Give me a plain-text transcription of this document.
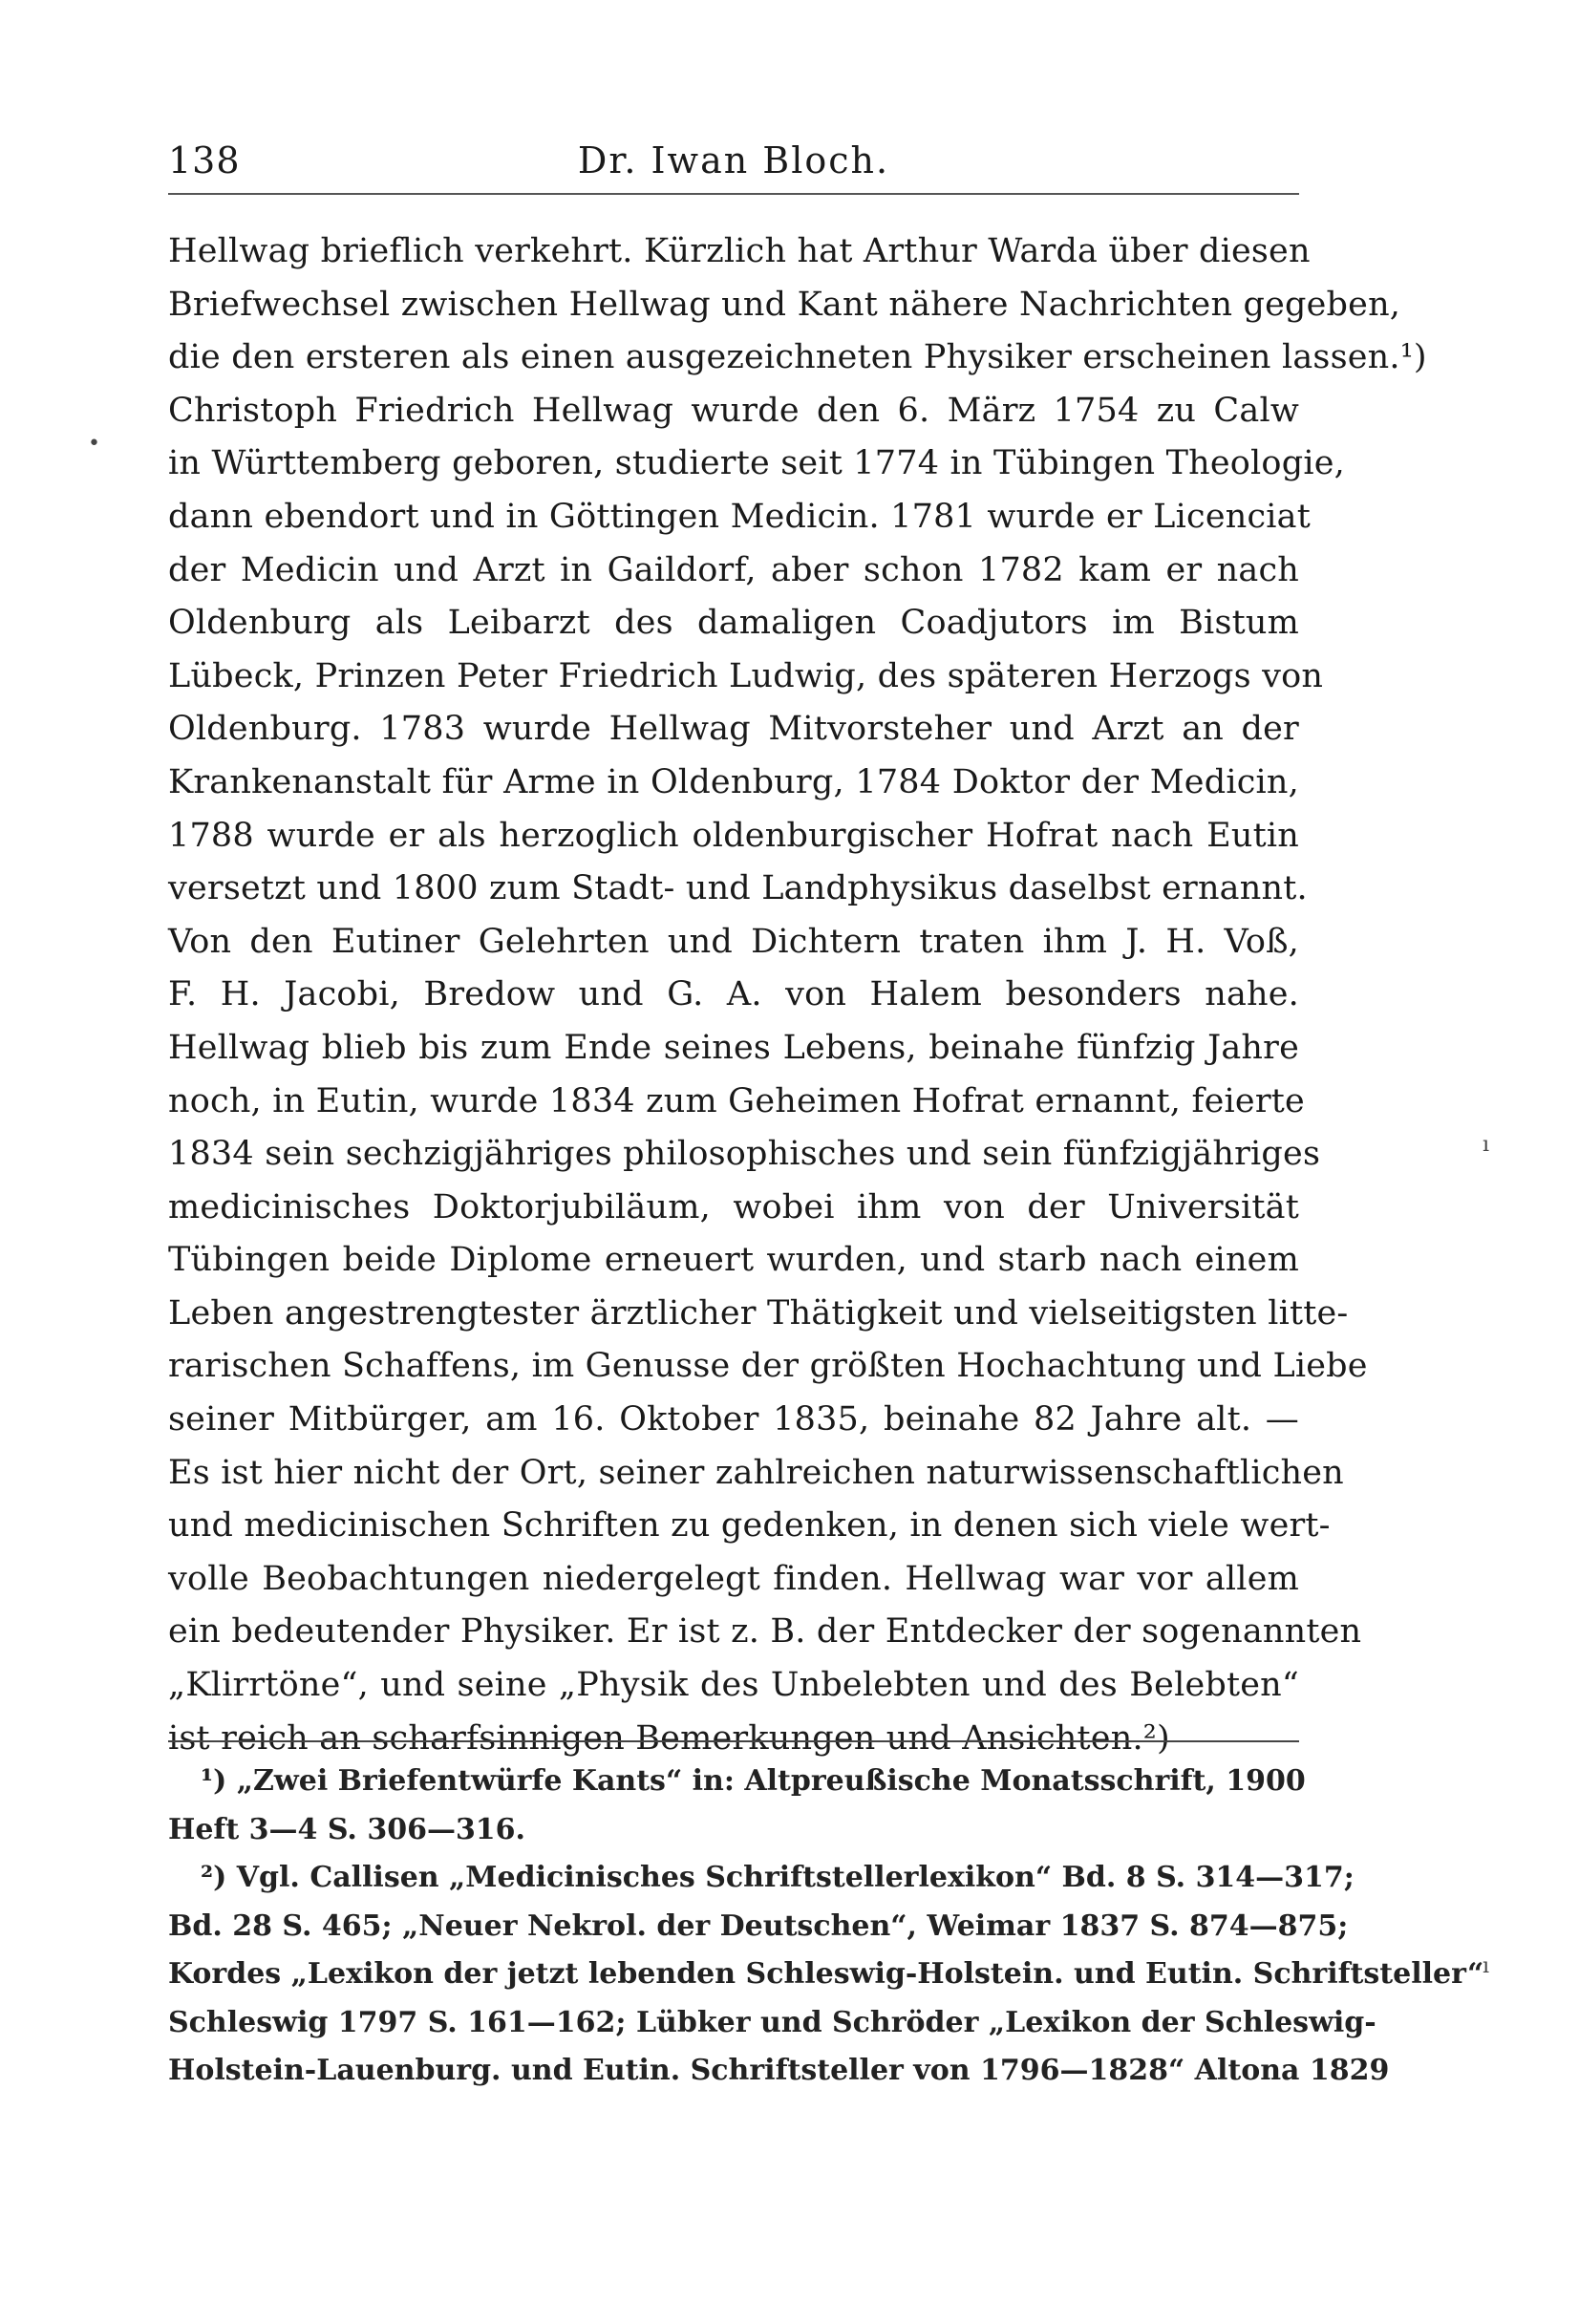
138	Dr. Iwan Bloch.
Hellwag brieflich verkehrt. Kürzlich hat Arthur Warda über diesen
Briefwechsel zwischen Hellwag und Kant nähere Nachrichten gegeben,
die den ersteren als einen ausgezeichneten Physiker erscheinen lassen.¹)
Christoph Friedrich Hellwag wurde den 6. März 1754 zu Calw
in Württemberg geboren, studierte seit 1774 in Tübingen Theologie,
dann ebendort und in Göttingen Medicin. 1781 wurde er Licenciat
der Medicin und Arzt in Gaildorf, aber schon 1782 kam er nach
Oldenburg als Leibarzt des damaligen Coadjutors im Bistum
Lübeck, Prinzen Peter Friedrich Ludwig, des späteren Herzogs von
Oldenburg. 1783 wurde Hellwag Mitvorsteher und Arzt an der
Krankenanstalt für Arme in Oldenburg, 1784 Doktor der Medicin,
1788 wurde er als herzoglich oldenburgischer Hofrat nach Eutin
versetzt und 1800 zum Stadt- und Landphysikus daselbst ernannt.
Von den Eutiner Gelehrten und Dichtern traten ihm J. H. Voß,
F. H. Jacobi, Bredow und G. A. von Halem besonders nahe.
Hellwag blieb bis zum Ende seines Lebens, beinahe fünfzig Jahre
noch, in Eutin, wurde 1834 zum Geheimen Hofrat ernannt, feierte
1834 sein sechzigjähriges philosophisches und sein fünfzigjähriges
medicinisches Doktorjubiläum, wobei ihm von der Universität
Tübingen beide Diplome erneuert wurden, und starb nach einem
Leben angestrengtester ärztlicher Thätigkeit und vielseitigsten litte-
rarischen Schaffens, im Genusse der größten Hochachtung und Liebe
seiner Mitbürger, am 16. Oktober 1835, beinahe 82 Jahre alt. —
Es ist hier nicht der Ort, seiner zahlreichen naturwissenschaftlichen
und medicinischen Schriften zu gedenken, in denen sich viele wert-
volle Beobachtungen niedergelegt finden. Hellwag war vor allem
ein bedeutender Physiker. Er ist z. B. der Entdecker der sogenannten
„Klirrtöne“, und seine „Physik des Unbelebten und des Belebten“
ist reich an scharfsinnigen Bemerkungen und Ansichten.²)
¹) „Zwei Briefentwürfe Kants“ in: Altpreußische Monatsschrift, 1900
Heft 3—4 S. 306—316.
²) Vgl. Callisen „Medicinisches Schriftstellerlexikon“ Bd. 8 S. 314—317;
Bd. 28 S. 465; „Neuer Nekrol. der Deutschen“, Weimar 1837 S. 874—875;
Kordes „Lexikon der jetzt lebenden Schleswig-Holstein. und Eutin. Schriftsteller“
Schleswig 1797 S. 161—162; Lübker und Schröder „Lexikon der Schleswig-
Holstein-Lauenburg. und Eutin. Schriftsteller von 1796—1828“ Altona 1829
•
ı
ı
